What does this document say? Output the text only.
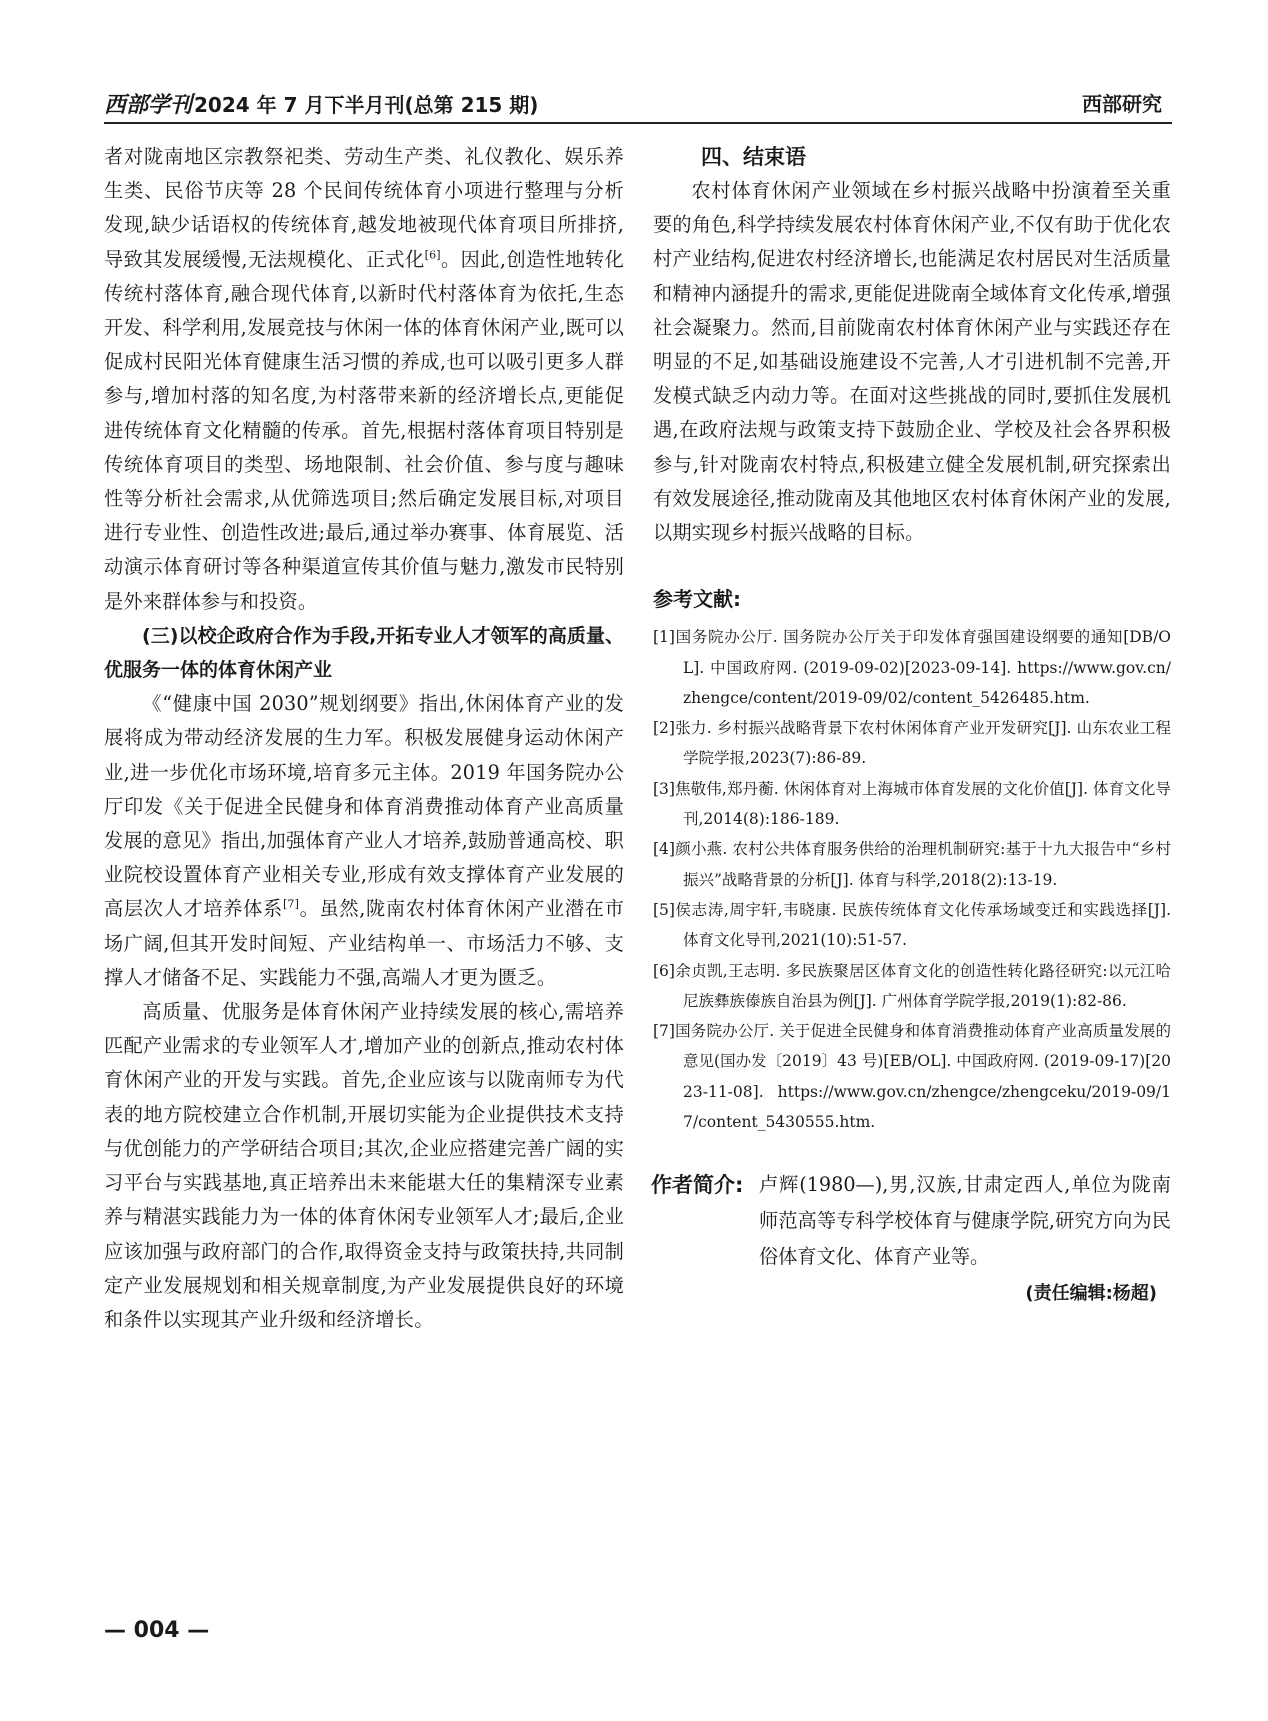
西部学刊 2024 年 7 月下半月刊(总第 215 期)	西部研究

者对陇南地区宗教祭祀类、劳动生产类、礼仪教化、娱乐养生类、民俗节庆等 28 个民间传统体育小项进行整理与分析发现,缺少话语权的传统体育,越发地被现代体育项目所排挤,导致其发展缓慢,无法规模化、正式化[6]。因此,创造性地转化传统村落体育,融合现代体育,以新时代村落体育为依托,生态开发、科学利用,发展竞技与休闲一体的体育休闲产业,既可以促成村民阳光体育健康生活习惯的养成,也可以吸引更多人群参与,增加村落的知名度,为村落带来新的经济增长点,更能促进传统体育文化精髓的传承。首先,根据村落体育项目特别是传统体育项目的类型、场地限制、社会价值、参与度与趣味性等分析社会需求,从优筛选项目;然后确定发展目标,对项目进行专业性、创造性改进;最后,通过举办赛事、体育展览、活动演示体育研讨等各种渠道宣传其价值与魅力,激发市民特别是外来群体参与和投资。

(三)以校企政府合作为手段,开拓专业人才领军的高质量、优服务一体的体育休闲产业

《“健康中国 2030”规划纲要》指出,休闲体育产业的发展将成为带动经济发展的生力军。积极发展健身运动休闲产业,进一步优化市场环境,培育多元主体。2019 年国务院办公厅印发《关于促进全民健身和体育消费推动体育产业高质量发展的意见》指出,加强体育产业人才培养,鼓励普通高校、职业院校设置体育产业相关专业,形成有效支撑体育产业发展的高层次人才培养体系[7]。虽然,陇南农村体育休闲产业潜在市场广阔,但其开发时间短、产业结构单一、市场活力不够、支撑人才储备不足、实践能力不强,高端人才更为匮乏。

高质量、优服务是体育休闲产业持续发展的核心,需培养匹配产业需求的专业领军人才,增加产业的创新点,推动农村体育休闲产业的开发与实践。首先,企业应该与以陇南师专为代表的地方院校建立合作机制,开展切实能为企业提供技术支持与优创能力的产学研结合项目;其次,企业应搭建完善广阔的实习平台与实践基地,真正培养出未来能堪大任的集精深专业素养与精湛实践能力为一体的体育休闲专业领军人才;最后,企业应该加强与政府部门的合作,取得资金支持与政策扶持,共同制定产业发展规划和相关规章制度,为产业发展提供良好的环境和条件以实现其产业升级和经济增长。

四、结束语

农村体育休闲产业领域在乡村振兴战略中扮演着至关重要的角色,科学持续发展农村体育休闲产业,不仅有助于优化农村产业结构,促进农村经济增长,也能满足农村居民对生活质量和精神内涵提升的需求,更能促进陇南全域体育文化传承,增强社会凝聚力。然而,目前陇南农村体育休闲产业与实践还存在明显的不足,如基础设施建设不完善,人才引进机制不完善,开发模式缺乏内动力等。在面对这些挑战的同时,要抓住发展机遇,在政府法规与政策支持下鼓励企业、学校及社会各界积极参与,针对陇南农村特点,积极建立健全发展机制,研究探索出有效发展途径,推动陇南及其他地区农村体育休闲产业的发展,以期实现乡村振兴战略的目标。

参考文献:

[1]国务院办公厅. 国务院办公厅关于印发体育强国建设纲要的通知[DB/OL]. 中国政府网. (2019-09-02)[2023-09-14]. https://www.gov.cn/zhengce/content/2019-09/02/content_5426485.htm.

[2]张力. 乡村振兴战略背景下农村休闲体育产业开发研究[J]. 山东农业工程学院学报,2023(7):86-89.

[3]焦敬伟,郑丹蘅. 休闲体育对上海城市体育发展的文化价值[J]. 体育文化导刊,2014(8):186-189.

[4]颜小燕. 农村公共体育服务供给的治理机制研究:基于十九大报告中“乡村振兴”战略背景的分析[J]. 体育与科学,2018(2):13-19.

[5]侯志涛,周宇轩,韦晓康. 民族传统体育文化传承场域变迁和实践选择[J]. 体育文化导刊,2021(10):51-57.

[6]余贞凯,王志明. 多民族聚居区体育文化的创造性转化路径研究:以元江哈尼族彝族傣族自治县为例[J]. 广州体育学院学报,2019(1):82-86.

[7]国务院办公厅. 关于促进全民健身和体育消费推动体育产业高质量发展的意见(国办发〔2019〕43 号)[EB/OL]. 中国政府网. (2019-09-17)[2023-11-08]. https://www.gov.cn/zhengce/zhengceku/2019-09/17/content_5430555.htm.

作者简介: 卢辉(1980—),男,汉族,甘肃定西人,单位为陇南师范高等专科学校体育与健康学院,研究方向为民俗体育文化、体育产业等。
(责任编辑:杨超)
— 004 —
